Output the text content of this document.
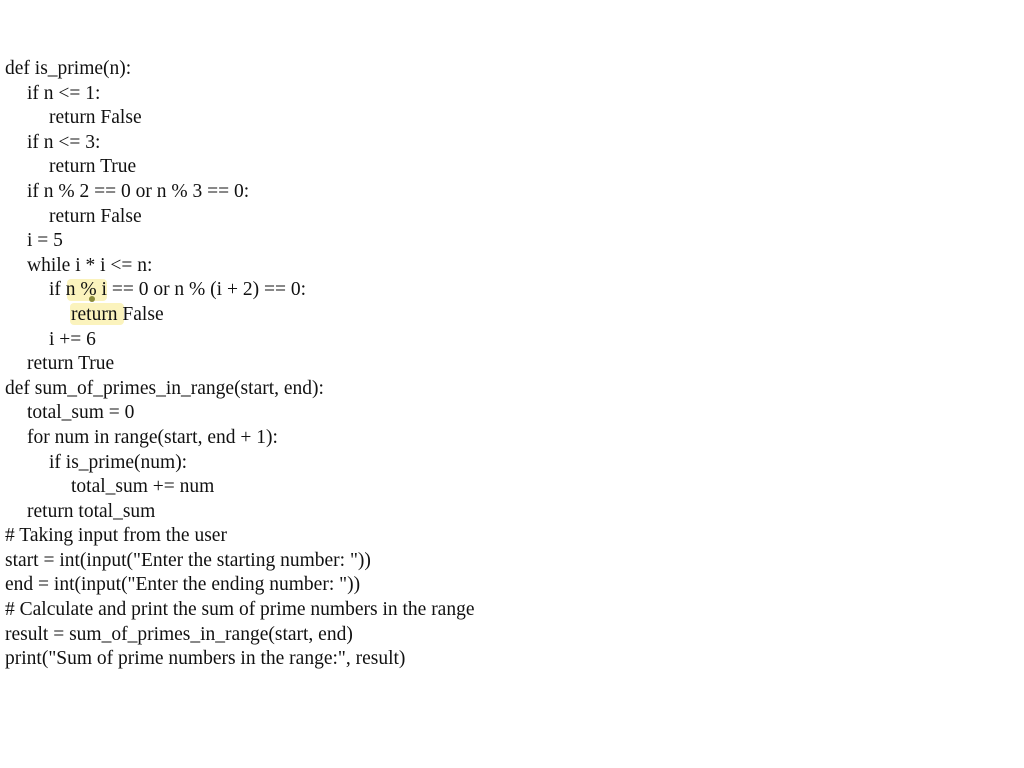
def is_prime(n):
if n <= 1:
return False
if n <= 3:
return True
if n % 2 == 0 or n % 3 == 0:
return False
i = 5
while i * i <= n:
if n % i == 0 or n % (i + 2) == 0:
return False
i += 6
return True
def sum_of_primes_in_range(start, end):
total_sum = 0
for num in range(start, end + 1):
if is_prime(num):
total_sum += num
return total_sum
# Taking input from the user
start = int(input("Enter the starting number: "))
end = int(input("Enter the ending number: "))
# Calculate and print the sum of prime numbers in the range
result = sum_of_primes_in_range(start, end)
print("Sum of prime numbers in the range:", result)
